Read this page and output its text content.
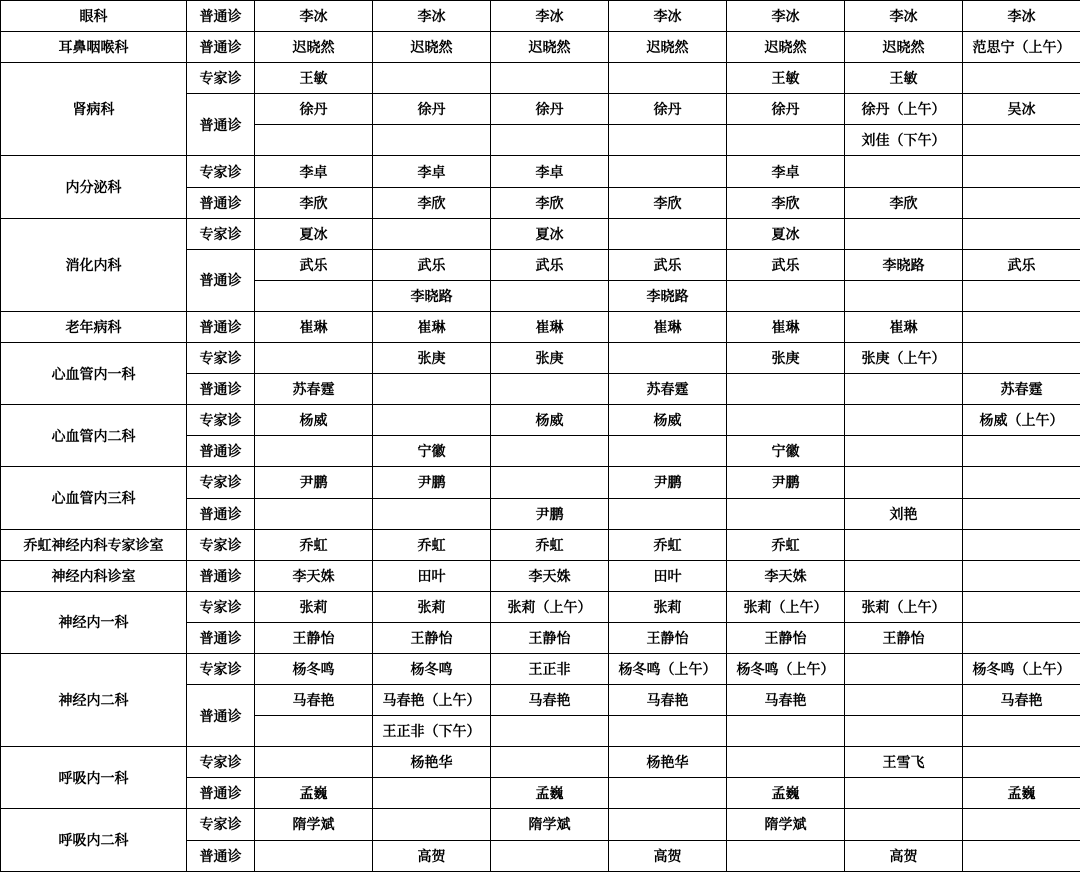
眼科	普通诊	李冰	李冰	李冰	李冰	李冰	李冰	李冰
耳鼻咽喉科	普通诊	迟晓然	迟晓然	迟晓然	迟晓然	迟晓然	迟晓然	范思宁（上午）
肾病科	专家诊	王敏				王敏	王敏	
	普通诊	徐丹	徐丹	徐丹	徐丹	徐丹	徐丹（上午）	吴冰
							刘佳（下午）	
内分泌科	专家诊	李卓	李卓	李卓		李卓		
	普通诊	李欣	李欣	李欣	李欣	李欣	李欣	
消化内科	专家诊	夏冰		夏冰		夏冰		
	普通诊	武乐	武乐	武乐	武乐	武乐	李晓路	武乐
			李晓路		李晓路			
老年病科	普通诊	崔琳	崔琳	崔琳	崔琳	崔琳	崔琳	
心血管内一科	专家诊		张庚	张庚		张庚	张庚（上午）	
	普通诊	苏春霆			苏春霆			苏春霆
心血管内二科	专家诊	杨威		杨威	杨威			杨威（上午）
	普通诊		宁徽			宁徽		
心血管内三科	专家诊	尹鹏	尹鹏		尹鹏	尹鹏		
	普通诊			尹鹏			刘艳	
乔虹神经内科专家诊室	专家诊	乔虹	乔虹	乔虹	乔虹	乔虹		
神经内科诊室	普通诊	李天姝	田叶	李天姝	田叶	李天姝		
神经内一科	专家诊	张莉	张莉	张莉（上午）	张莉	张莉（上午）	张莉（上午）	
	普通诊	王静怡	王静怡	王静怡	王静怡	王静怡	王静怡	
神经内二科	专家诊	杨冬鸣	杨冬鸣	王正非	杨冬鸣（上午）	杨冬鸣（上午）		杨冬鸣（上午）
	普通诊	马春艳	马春艳（上午）	马春艳	马春艳	马春艳		马春艳
			王正非（下午）					
呼吸内一科	专家诊		杨艳华		杨艳华		王雪飞	
	普通诊	孟巍		孟巍		孟巍		孟巍
呼吸内二科	专家诊	隋学斌		隋学斌		隋学斌		
	普通诊		高贺		高贺		高贺	
